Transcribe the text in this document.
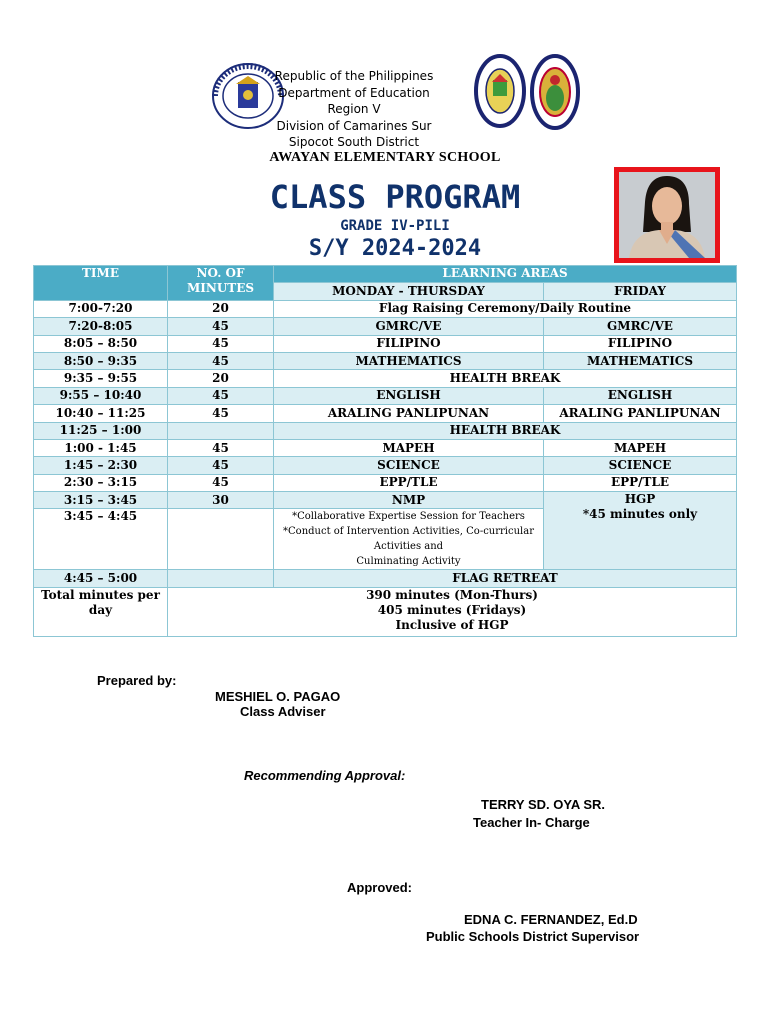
Republic of the Philippines
Department of Education
Region V
Division of Camarines Sur
Sipocot South District
AWAYAN ELEMENTARY SCHOOL
CLASS PROGRAM
GRADE IV-PILI
S/Y 2024-2024
TIME	NO. OF MINUTES	LEARNING AREAS	
		MONDAY - THURSDAY	FRIDAY
7:00-7:20	20	Flag Raising Ceremony/Daily Routine	
7:20-8:05	45	GMRC/VE	GMRC/VE
8:05 – 8:50	45	FILIPINO	FILIPINO
8:50 – 9:35	45	MATHEMATICS	MATHEMATICS
9:35 – 9:55	20	HEALTH BREAK	
9:55 – 10:40	45	ENGLISH	ENGLISH
10:40 – 11:25	45	ARALING PANLIPUNAN	ARALING PANLIPUNAN
11:25 – 1:00		HEALTH BREAK	
1:00 - 1:45	45	MAPEH	MAPEH
1:45 – 2:30	45	SCIENCE	SCIENCE
2:30 – 3:15	45	EPP/TLE	EPP/TLE
3:15 – 3:45	30	NMP	HGP
*45 minutes only

3:45 – 4:45		*Collaborative Expertise Session for Teachers
*Conduct of Intervention Activities, Co-curricular Activities and
Culminating Activity	

4:45 – 5:00		FLAG RETREAT	
Total minutes per day	390 minutes (Mon-Thurs)
405 minutes (Fridays)
Inclusive of HGP		
Prepared by:
MESHIEL O. PAGAO
Class Adviser
Recommending Approval:
TERRY SD. OYA SR.
Teacher In- Charge
Approved:
EDNA C. FERNANDEZ, Ed.D
Public Schools District Supervisor
